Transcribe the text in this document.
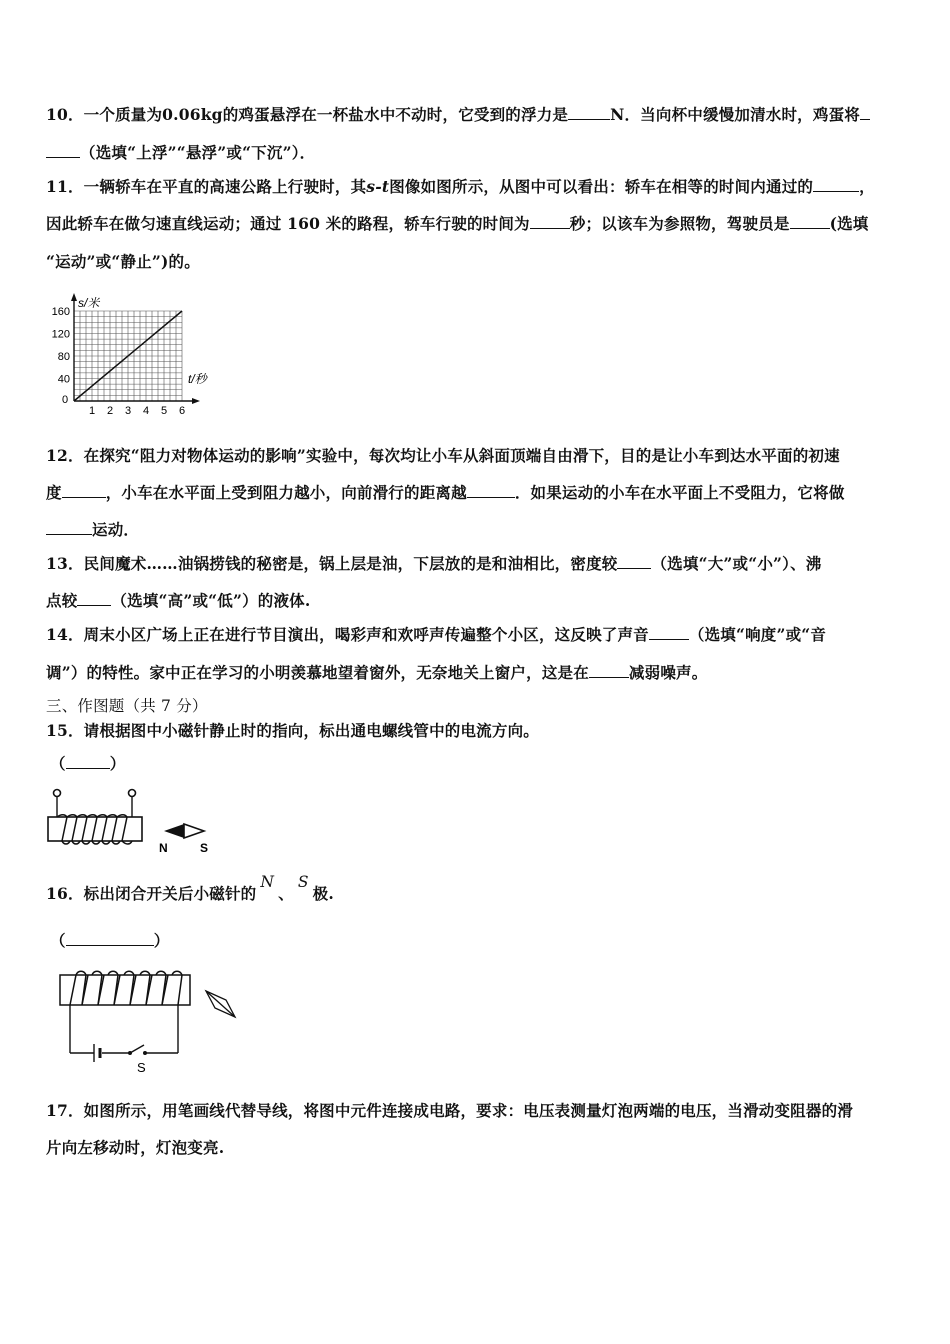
10．一个质量为0.06kg的鸡蛋悬浮在一杯盐水中不动时，它受到的浮力是	N．当向杯中缓慢加清水时，鸡蛋将
（选填“上浮”“悬浮”或“下沉”）．
11．一辆轿车在平直的高速公路上行驶时，其s-t图像如图所示，从图中可以看出：轿车在相等的时间内通过的	，
因此轿车在做匀速直线运动；通过 160 米的路程，轿车行驶的时间为	秒；以该车为参照物，驾驶员是	(选填
“运动”或“静止”)的。
1 2 3 4 5 6
40
80
120
160
0
s/米
t/秒
12．在探究“阻力对物体运动的影响”实验中，每次均让小车从斜面顶端自由滑下，目的是让小车到达水平面的初速
度	，小车在水平面上受到阻力越小，向前滑行的距离越	．如果运动的小车在水平面上不受阻力，它将做
运动．
13．民间魔术……油锅捞钱的秘密是，锅上层是油，下层放的是和油相比，密度较 （选填“大”或“小”）、沸
点较 （选填“高”或“低”）的液体.
14．周末小区广场上正在进行节目演出，喝彩声和欢呼声传遍整个小区，这反映了声音	（选填“响度”或“音
调”）的特性。家中正在学习的小明羡慕地望着窗外，无奈地关上窗户，这是在	减弱噪声。
三、作图题（共 7 分）
15．请根据图中小磁针静止时的指向，标出通电螺线管中的电流方向。
（	）
N	S
16．标出闭合开关后小磁针的N、S极.
（	）
S
17．如图所示，用笔画线代替导线，将图中元件连接成电路，要求：电压表测量灯泡两端的电压，当滑动变阻器的滑
片向左移动时，灯泡变亮.
